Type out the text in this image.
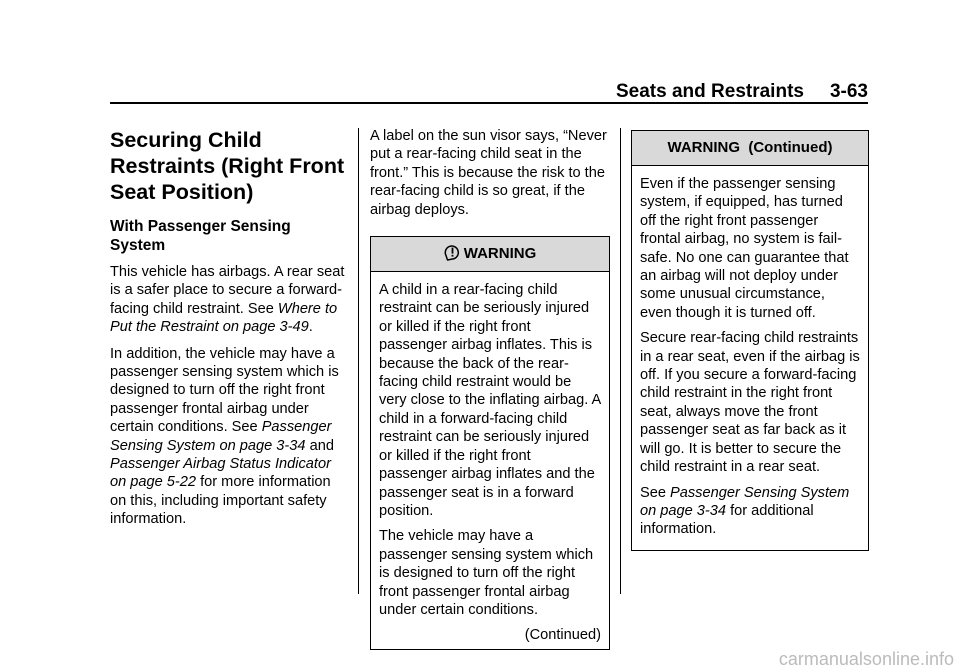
Seats and Restraints 3-63
Securing Child Restraints (Right Front Seat Position)
With Passenger Sensing System

This vehicle has airbags. A rear seat is a safer place to secure a forward-facing child restraint. See Where to Put the Restraint on page 3-49.

In addition, the vehicle may have a passenger sensing system which is designed to turn off the right front passenger frontal airbag under certain conditions. See Passenger Sensing System on page 3-34 and Passenger Airbag Status Indicator on page 5-22 for more information on this, including important safety information.

A label on the sun visor says, “Never put a rear-facing child seat in the front.” This is because the risk to the rear-facing child is so great, if the airbag deploys.

WARNING

A child in a rear-facing child restraint can be seriously injured or killed if the right front passenger airbag inflates. This is because the back of the rear-facing child restraint would be very close to the inflating airbag. A child in a forward-facing child restraint can be seriously injured or killed if the right front passenger airbag inflates and the passenger seat is in a forward position.

The vehicle may have a passenger sensing system which is designed to turn off the right front passenger frontal airbag under certain conditions.

(Continued)

WARNING  (Continued)

Even if the passenger sensing system, if equipped, has turned off the right front passenger frontal airbag, no system is fail-safe. No one can guarantee that an airbag will not deploy under some unusual circumstance, even though it is turned off.

Secure rear-facing child restraints in a rear seat, even if the airbag is off. If you secure a forward-facing child restraint in the right front seat, always move the front passenger seat as far back as it will go. It is better to secure the child restraint in a rear seat.

See Passenger Sensing System on page 3-34 for additional information.

carmanualsonline.info
